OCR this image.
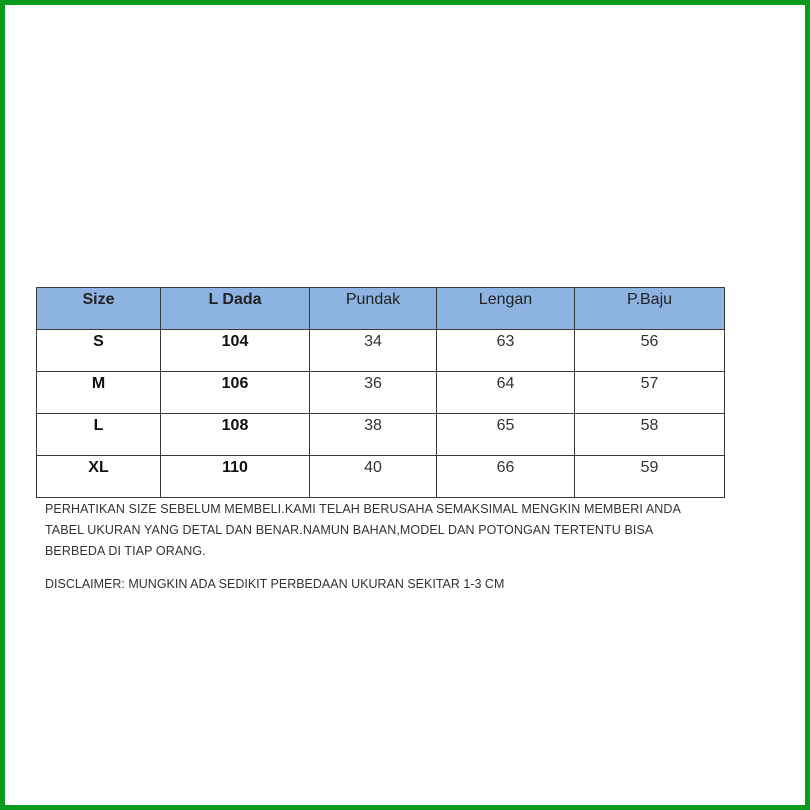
Size	L Dada	Pundak	Lengan	P.Baju
S	104	34	63	56
M	106	36	64	57
L	108	38	65	58
XL	110	40	66	59

PERHATIKAN SIZE SEBELUM MEMBELI.KAMI TELAH BERUSAHA SEMAKSIMAL MENGKIN MEMBERI ANDA

TABEL UKURAN YANG DETAL DAN BENAR.NAMUN BAHAN,MODEL DAN POTONGAN TERTENTU BISA

BERBEDA DI TIAP ORANG.

DISCLAIMER: MUNGKIN ADA SEDIKIT PERBEDAAN UKURAN SEKITAR 1-3 CM
